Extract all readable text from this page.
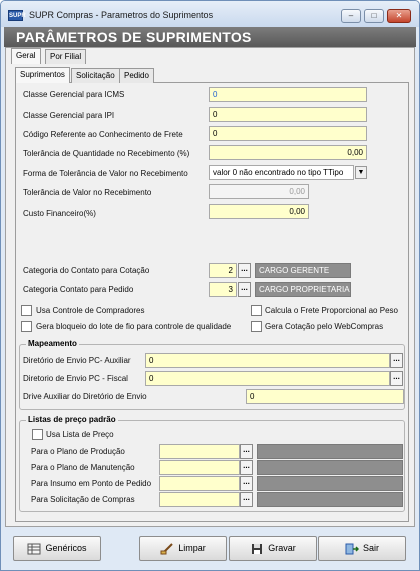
SUPR SUPR Compras - Parametros do Suprimentos	–	□	✕
PARÂMETROS DE SUPRIMENTOS
Geral	Por Filial
Suprimentos	Solicitação	Pedido
Classe Gerencial para ICMS	0
Classe Gerencial para IPI	0
Código Referente ao Conhecimento de Frete	0
Tolerância de Quantidade no Recebimento (%)	0,00
Forma de Tolerância de Valor no Recebimento	valor 0 não encontrado no tipo TTipo	▼
Tolerância de Valor no Recebimento	0,00
Custo Financeiro(%)	0,00
Categoria do Contato para Cotação	2	...	CARGO GERENTE
Categoria Contato para Pedido	3	...	CARGO PROPRIETARIA
Usa Controle de Compradores	Calcula o Frete Proporcional ao Peso
Gera bloqueio do lote de fio para controle de qualidade	Gera Cotação pelo WebCompras
Mapeamento
Diretório de Envio PC- Auxiliar	0	...
Diretorio de Envio PC - Fiscal	0	...
Drive Auxiliar do Diretório de Envio	0
Listas de preço padrão
Usa Lista de Preço
Para o Plano de Produção	...
Para o Plano de Manutenção	...
Para Insumo em Ponto de Pedido	...
Para Solicitação de Compras	...
Genéricos	Limpar	Gravar	Sair
